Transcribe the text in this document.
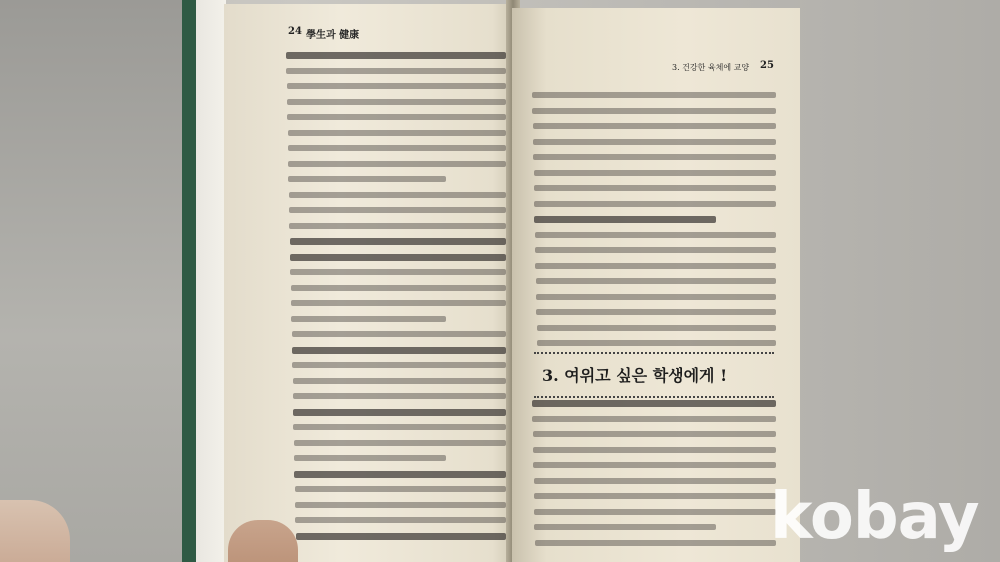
24 學生과 健康
3. 건강한 육체에 교양 25
3. 여위고 싶은 학생에게 !
kobay
